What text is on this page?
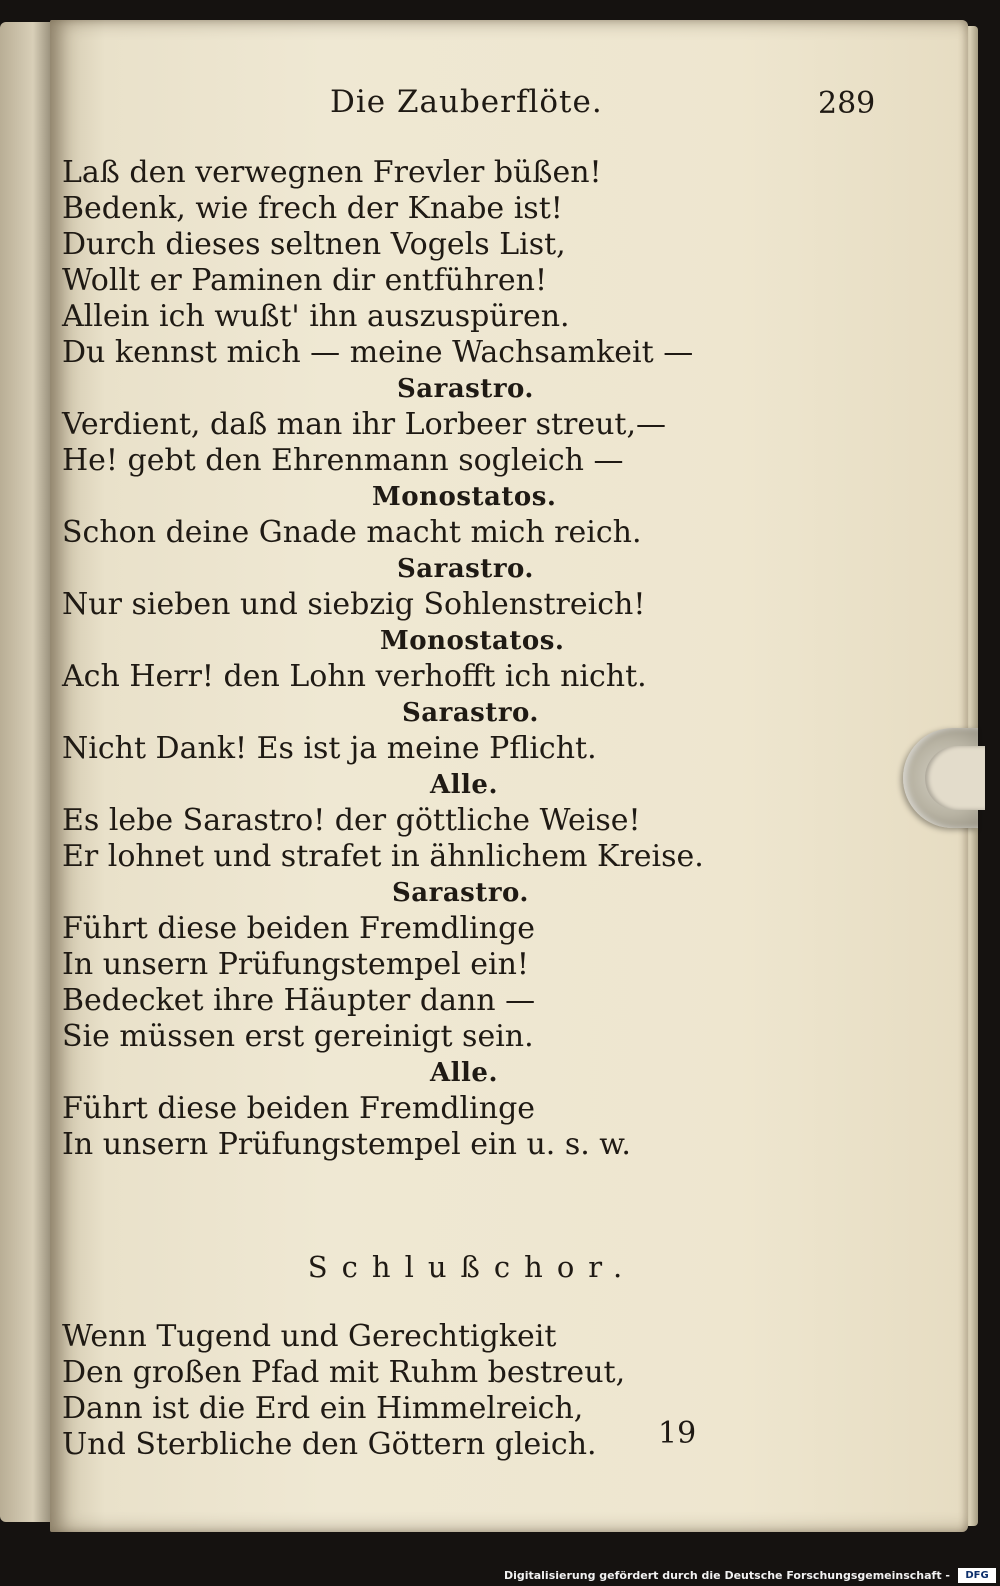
Die Zauberflöte.	289
Laß den verwegnen Frevler büßen!
Bedenk, wie frech der Knabe ist!
Durch dieses seltnen Vogels List,
Wollt er Paminen dir entführen!
Allein ich wußt' ihn auszuspüren.
Du kennst mich — meine Wachsamkeit —
Sarastro.
Verdient, daß man ihr Lorbeer streut,—
He! gebt den Ehrenmann sogleich —
Monostatos.
Schon deine Gnade macht mich reich.
Sarastro.
Nur sieben und siebzig Sohlenstreich!
Monostatos.
Ach Herr! den Lohn verhofft ich nicht.
Sarastro.
Nicht Dank! Es ist ja meine Pflicht.
Alle.
Es lebe Sarastro! der göttliche Weise!
Er lohnet und strafet in ähnlichem Kreise.
Sarastro.
Führt diese beiden Fremdlinge
In unsern Prüfungstempel ein!
Bedecket ihre Häupter dann —
Sie müssen erst gereinigt sein.
Alle.
Führt diese beiden Fremdlinge
In unsern Prüfungstempel ein u. s. w.
Schlußchor.
Wenn Tugend und Gerechtigkeit
Den großen Pfad mit Ruhm bestreut,
Dann ist die Erd ein Himmelreich,
Und Sterbliche den Göttern gleich.	19
Digitalisierung gefördert durch die Deutsche Forschungsgemeinschaft -	DFG
